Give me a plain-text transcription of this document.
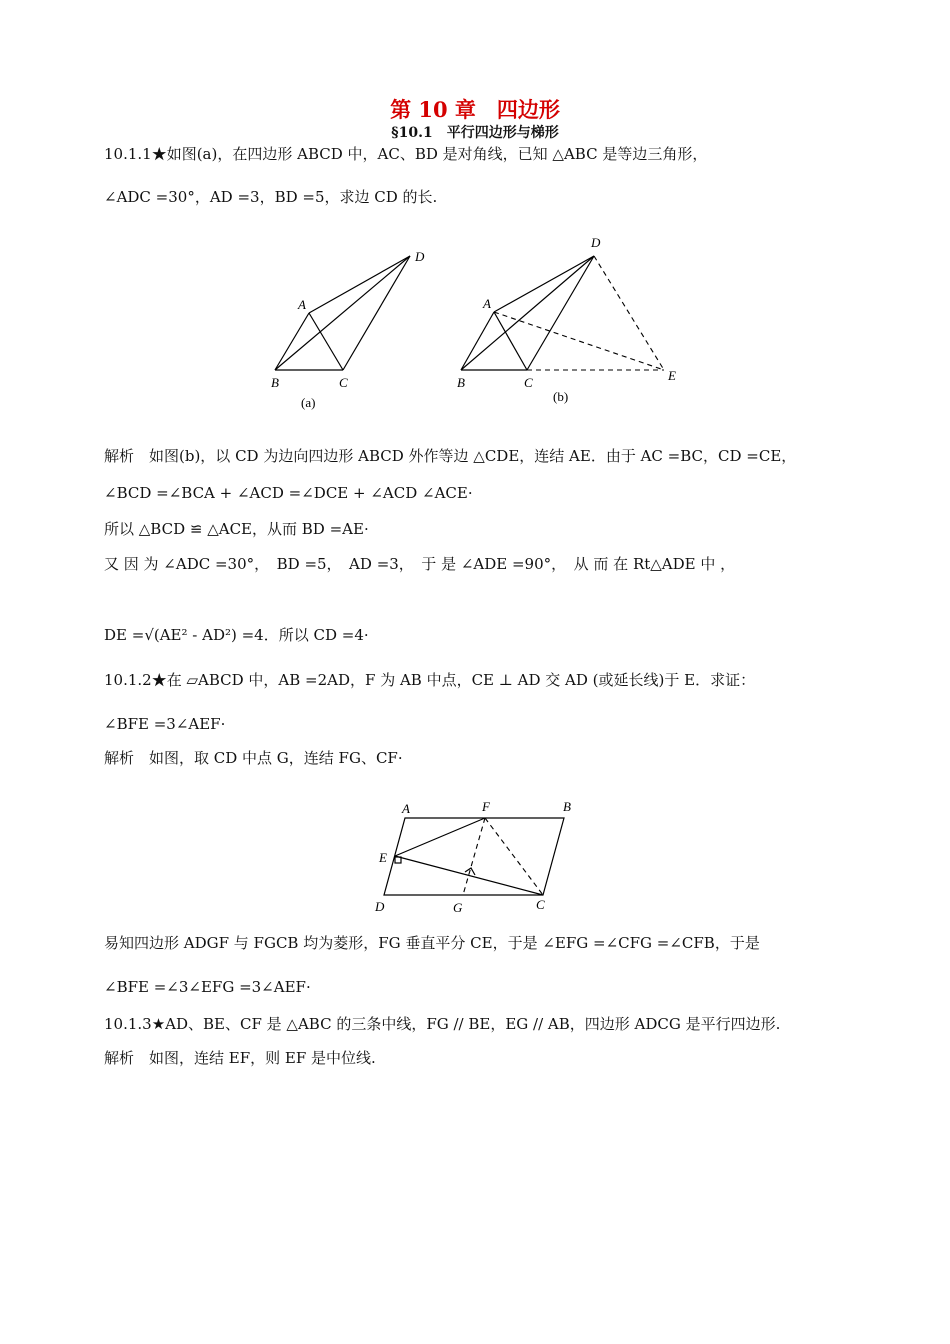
第 10 章　四边形
§10.1　平行四边形与梯形
10.1.1★如图(a)，在四边形 ABCD 中，AC、BD 是对角线，已知 △ABC 是等边三角形，
∠ADC =30°，AD =3，BD =5，求边 CD 的长.
解析　如图(b)，以 CD 为边向四边形 ABCD 外作等边 △CDE，连结 AE．由于 AC =BC，CD =CE，
∠BCD =∠BCA + ∠ACD =∠DCE + ∠ACD ∠ACE·
所以 △BCD ≌ △ACE，从而 BD =AE·
又 因 为 ∠ADC =30°，　BD =5，　AD =3，　于 是 ∠ADE =90°，　从 而 在 Rt△ADE 中 ，
DE =√(AE² - AD²) =4．所以 CD =4·
10.1.2★在 ▱ABCD 中，AB =2AD，F 为 AB 中点，CE ⊥ AD 交 AD (或延长线)于 E．求证：
∠BFE =3∠AEF·
解析　如图，取 CD 中点 G，连结 FG、CF·
易知四边形 ADGF 与 FGCB 均为菱形，FG 垂直平分 CE，于是 ∠EFG =∠CFG =∠CFB，于是
∠BFE =∠3∠EFG =3∠AEF·
10.1.3★AD、BE、CF 是 △ABC 的三条中线，FG // BE，EG // AB，四边形 ADCG 是平行四边形.
解析　如图，连结 EF，则 EF 是中位线.
A
B	C
D
(a)
A
B	C
D
E
(b)
A	F	B
E
D	G	C
